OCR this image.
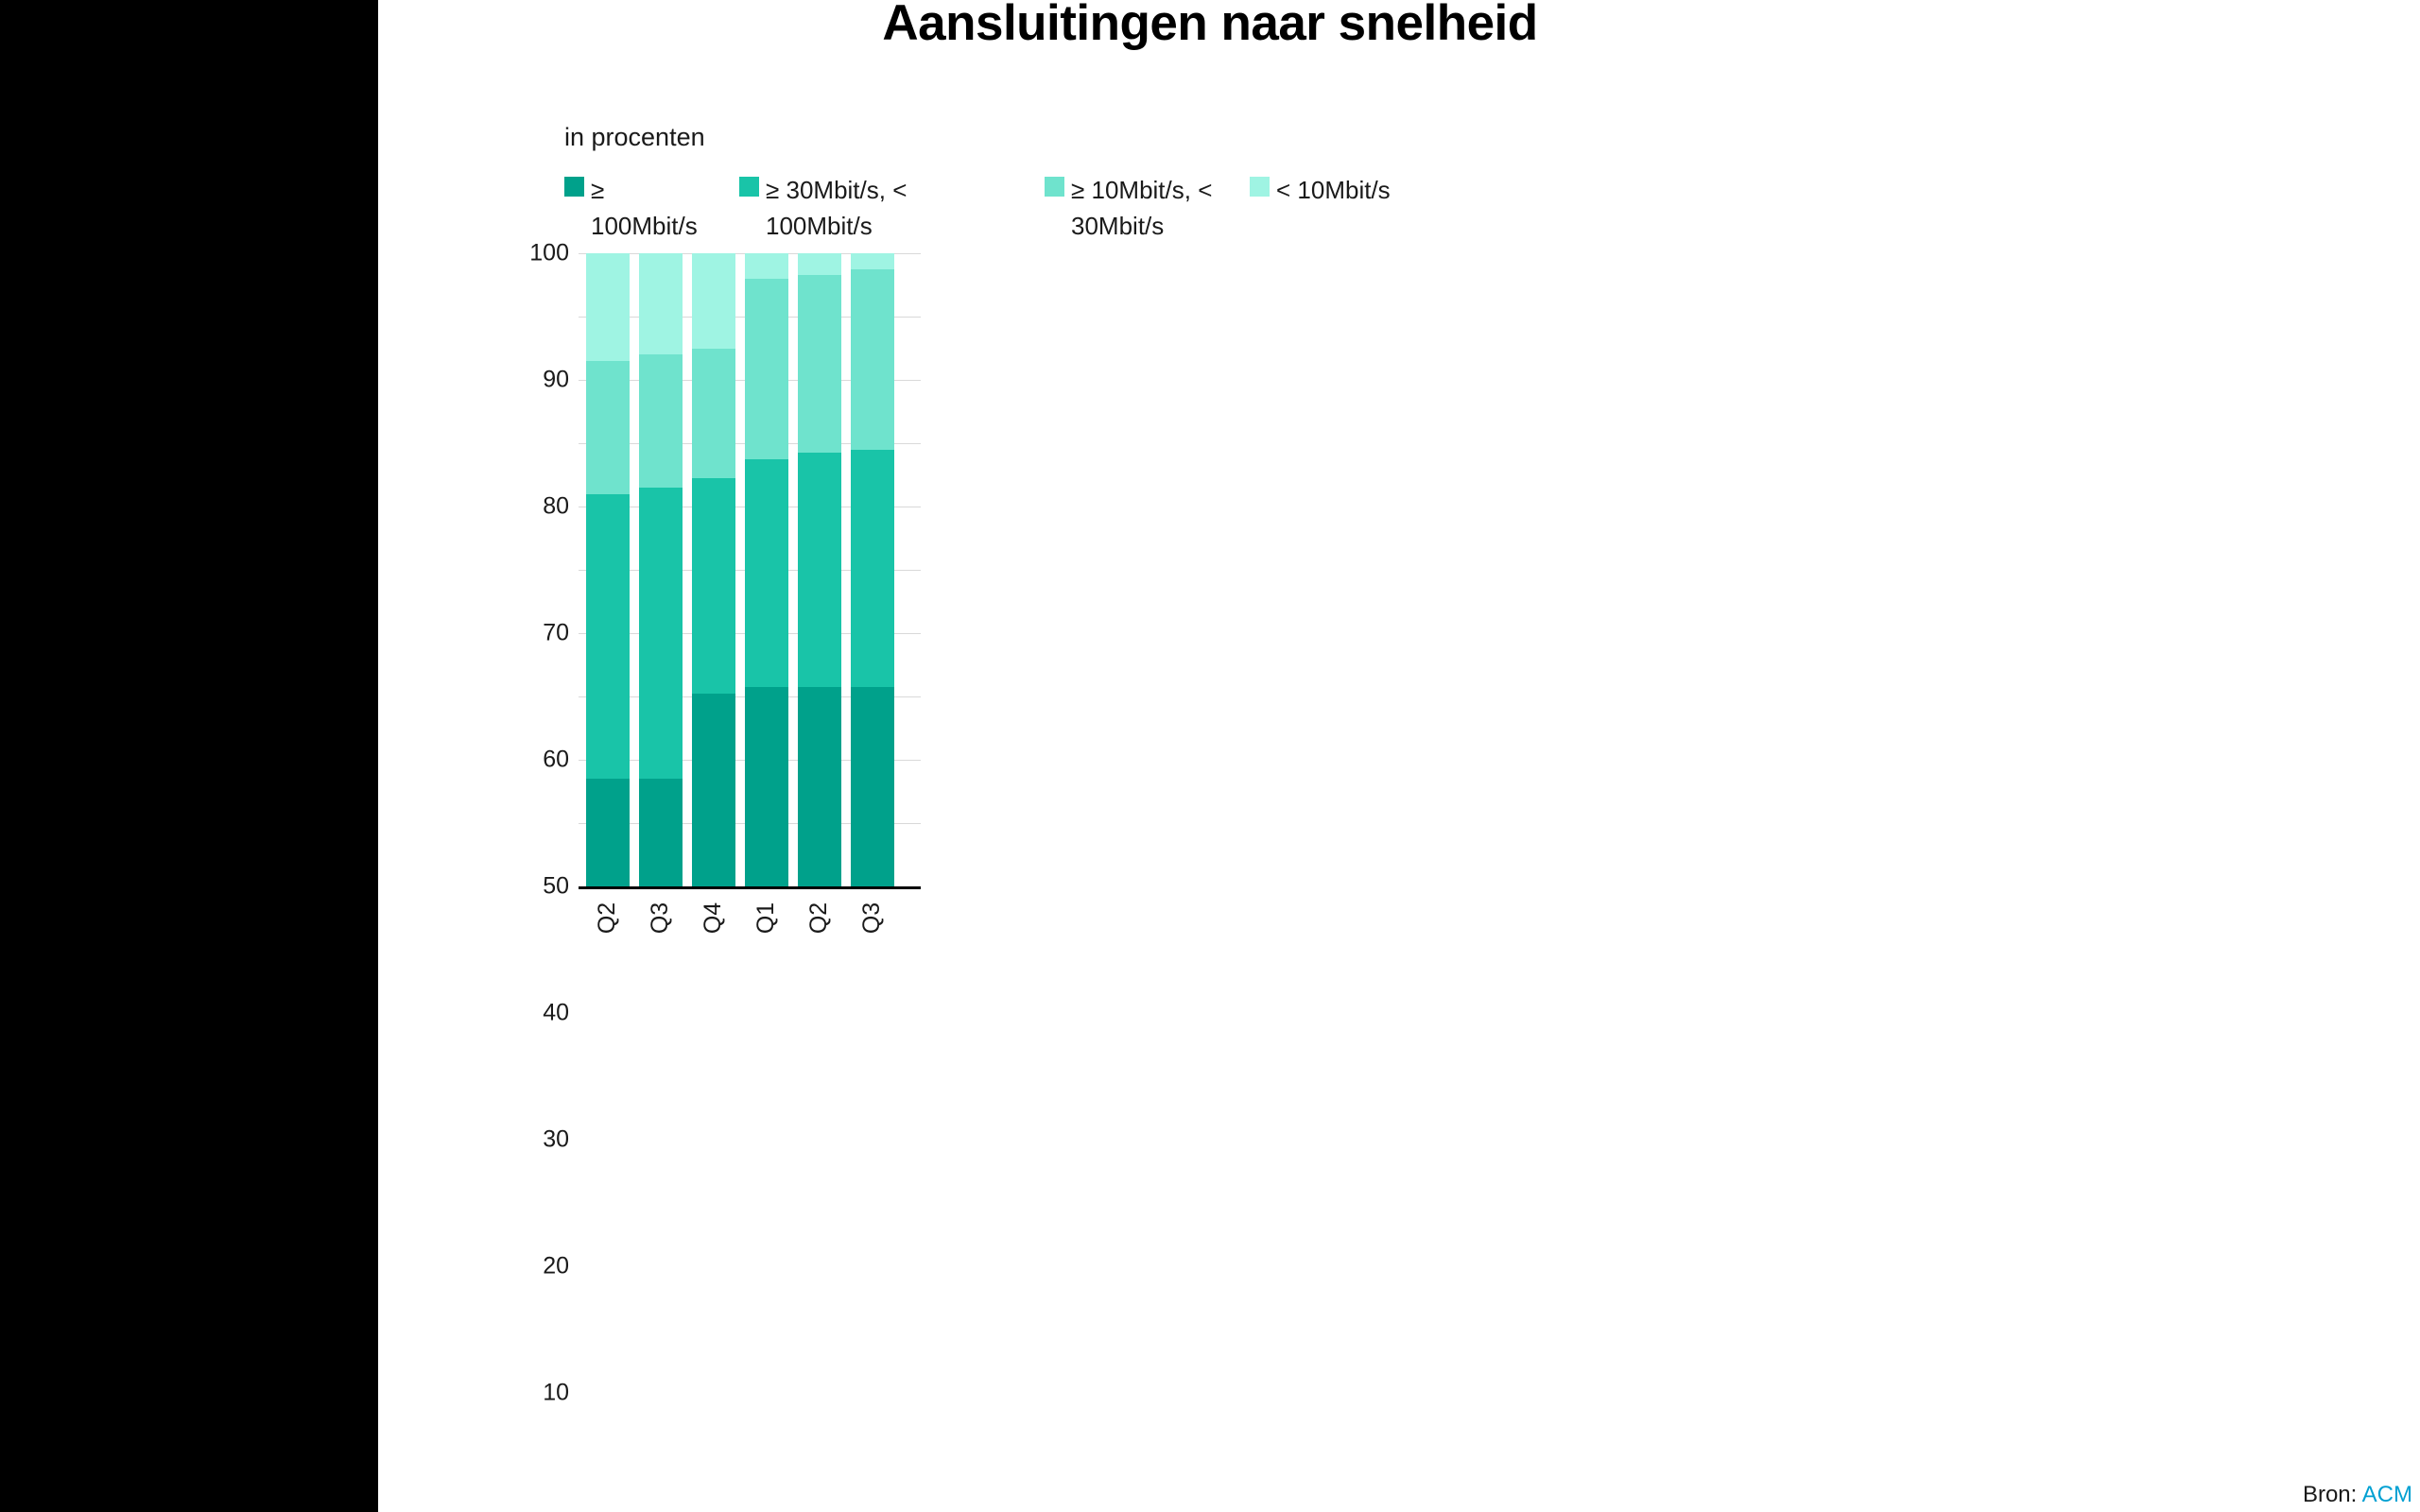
Aansluitingen naar snelheid
in procenten
≥ 100Mbit/s
≥ 30Mbit/s, < 100Mbit/s
≥ 10Mbit/s, < 30Mbit/s
< 10Mbit/s
10
20
30
40
50
60
70
80
90
100
Q2	Q3	Q4	Q1	Q2	Q3
Bron: ACM
